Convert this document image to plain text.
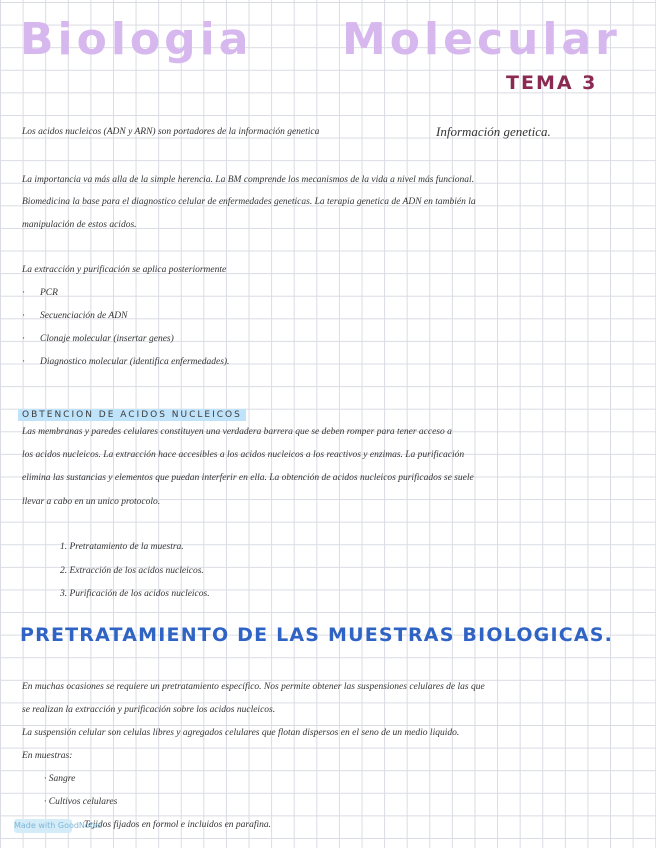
Biologia Molecular
TEMA 3
Los acidos nucleicos (ADN y ARN) son portadores de la información genetica	Información genetica.
La importancia va más alla de la simple herencia. La BM comprende los mecanismos de la vida a nivel más funcional.
Biomedicina la base para el diagnostico celular de enfermedades geneticas. La terapia genetica de ADN en también la
manipulación de estos acidos.
La extracción y purificación se aplica posteriormente
· PCR
· Secuenciación de ADN
· Clonaje molecular (insertar genes)
· Diagnostico molecular (identifica enfermedades).
OBTENCION DE ACIDOS NUCLEICOS
Las membranas y paredes celulares constituyen una verdadera barrera que se deben romper para tener acceso a
los acidos nucleicos. La extracción hace accesibles a los acidos nucleicos a los reactivos y enzimas. La purificación
elimina las sustancias y elementos que puedan interferir en ella. La obtención de acidos nucleicos purificados se suele
llevar a cabo en un unico protocolo.
1. Pretratamiento de la muestra.
2. Extracción de los acidos nucleicos.
3. Purificación de los acidos nucleicos.
PRETRATAMIENTO DE LAS MUESTRAS BIOLOGICAS.
En muchas ocasiones se requiere un pretratamiento específico. Nos permite obtener las suspensiones celulares de las que
se realizan la extracción y purificación sobre los acidos nucleicos.
La suspensión celular son celulas libres y agregados celulares que flotan dispersos en el seno de un medio liquido.
En muestras:
· Sangre
· Cultivos celulares
Tejidos fijados en formol e incluidos en parafina.
Made with GoodNotes
